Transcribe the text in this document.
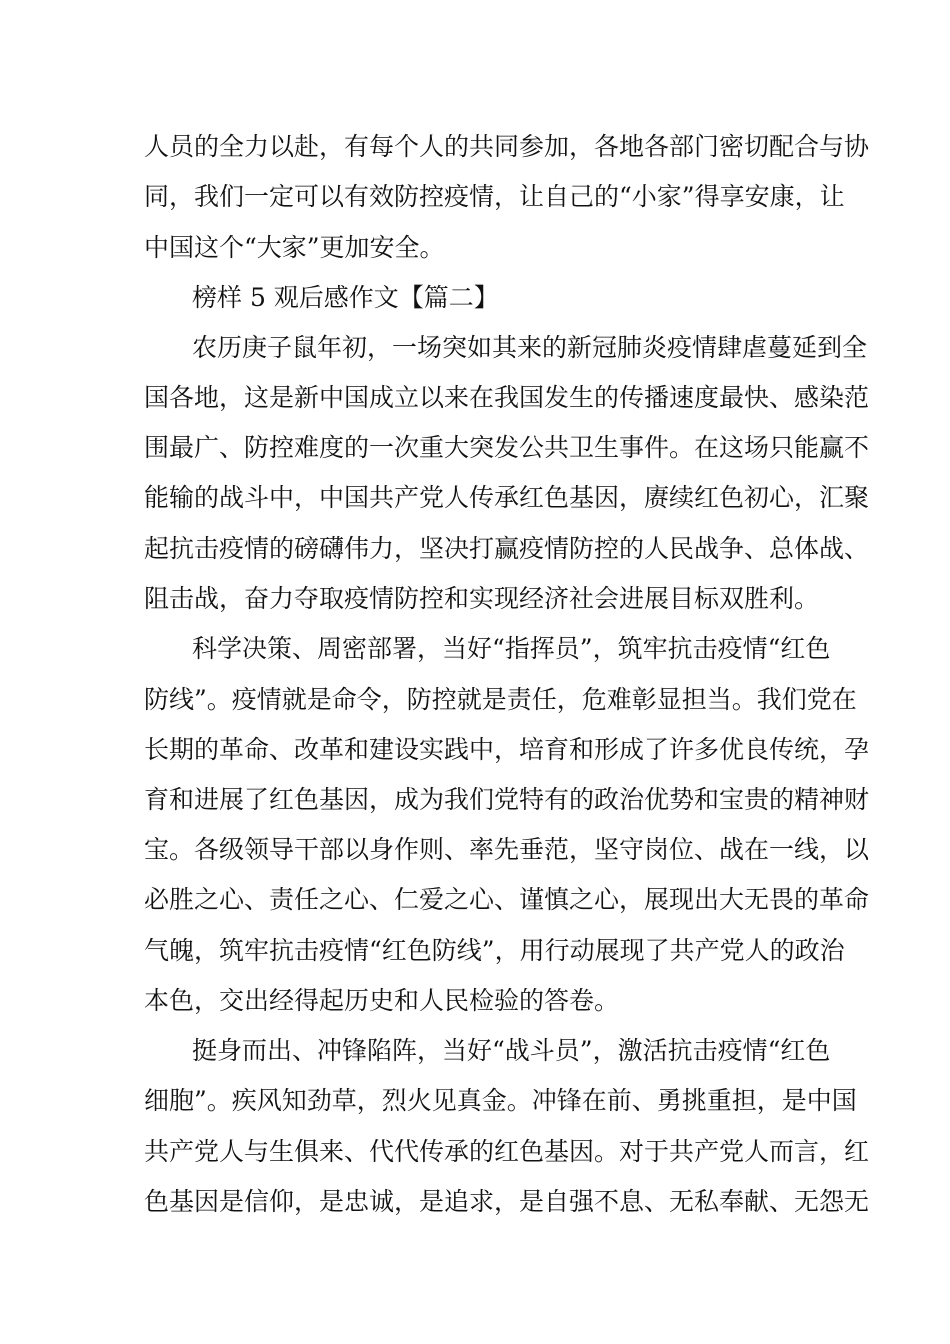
人员的全力以赴，有每个人的共同参加，各地各部门密切配合与协
同，我们一定可以有效防控疫情，让自己的“小家”得享安康，让
中国这个“大家”更加安全。
榜样 5 观后感作文【篇二】
农历庚子鼠年初，一场突如其来的新冠肺炎疫情肆虐蔓延到全
国各地，这是新中国成立以来在我国发生的传播速度最快、感染范
围最广、防控难度的一次重大突发公共卫生事件。在这场只能赢不
能输的战斗中，中国共产党人传承红色基因，赓续红色初心，汇聚
起抗击疫情的磅礴伟力，坚决打赢疫情防控的人民战争、总体战、
阻击战，奋力夺取疫情防控和实现经济社会进展目标双胜利。
科学决策、周密部署，当好“指挥员”，筑牢抗击疫情“红色
防线”。疫情就是命令，防控就是责任，危难彰显担当。我们党在
长期的革命、改革和建设实践中，培育和形成了许多优良传统，孕
育和进展了红色基因，成为我们党特有的政治优势和宝贵的精神财
宝。各级领导干部以身作则、率先垂范，坚守岗位、战在一线，以
必胜之心、责任之心、仁爱之心、谨慎之心，展现出大无畏的革命
气魄，筑牢抗击疫情“红色防线”，用行动展现了共产党人的政治
本色，交出经得起历史和人民检验的答卷。
挺身而出、冲锋陷阵，当好“战斗员”，激活抗击疫情“红色
细胞”。疾风知劲草，烈火见真金。冲锋在前、勇挑重担，是中国
共产党人与生俱来、代代传承的红色基因。对于共产党人而言，红
色基因是信仰，是忠诚，是追求，是自强不息、无私奉献、无怨无
